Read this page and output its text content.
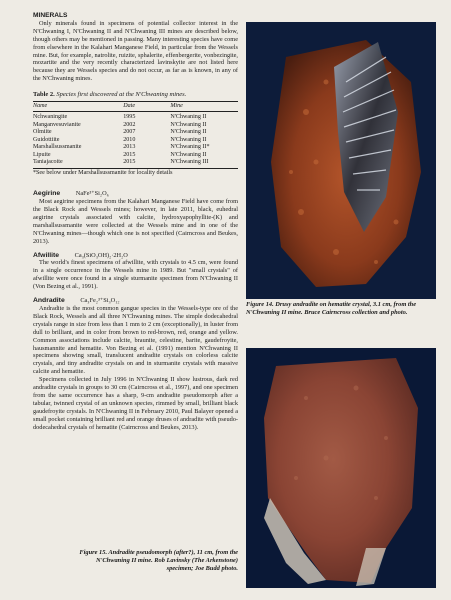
MINERALS

Only minerals found in specimens of potential collector interest in the N'Chwaning I, N'Chwaning II and N'Chwaning III mines are described below, though others may be mentioned in passing. Many interesting species have come from elsewhere in the Kalahari Manganese Field, in particular from the Wessels mine. But, for example, natrolite, ruizite, sphalerite, effenbergerite, vonbezingite, mozartite and the very recently characterized lavinskyite are not listed here because they are Wessels species and do not occur, as far as is known, in any of the N'Chwaning mines.

Table 2. Species first discovered at the N'Chwaning mines.
Name	Date	Mine
Nchwaningite	1995	N'Chwaning II
Manganvesuvianite	2002	N'Chwaning II
Olmiite	2007	N'Chwaning II
Guidottiite	2010	N'Chwaning II
Marshallsussmanite	2013	N'Chwaning II*
Lipuite	2015	N'Chwaning II
Taniajacoite	2015	N'Chwaning III
*See below under Marshallsussmanite for locality details
Aegirine NaFe³⁺Si₂O₆

Most aegirine specimens from the Kalahari Manganese Field have come from the Black Rock and Wessels mines; however, in late 2011, black, euhedral aegirine crystals associated with calcite, hydroxyapophyllite-(K) and marshallsussmanite were collected at the Wessels mine and in one of the N'Chwaning mines—though which one is not specified (Cairncross and Beukes, 2013).

Afwillite Ca₃(SiO₃OH)₂·2H₂O

The world's finest specimens of afwillite, with crystals to 4.5 cm, were found in a single occurrence in the Wessels mine in 1989. But "small crystals" of afwillite were once found in a single sturmanite specimen from N'Chwaning II (Von Bezing et al., 1991).

Andradite Ca₃Fe₂³⁺Si₃O₁₂

Andradite is the most common gangue species in the Wessels-type ore of the Black Rock, Wessels and all three N'Chwaning mines. The simple dodecahedral crystals range in size from less than 1 mm to 2 cm (exceptionally), in luster from dull to brilliant, and in color from brown to red-brown, red, orange and yellow. Common associations include calcite, braunite, celestine, barite, gaudefroyite, hausmannite and hematite. Von Bezing et al. (1991) mention N'Chwaning II specimens showing small, translucent andradite crystals on colorless calcite crystals, and tiny andradite crystals on and in sturmanite crystals with massive calcite and hematite.

Specimens collected in July 1996 in N'Chwaning II show lustrous, dark red andradite crystals in groups to 30 cm (Cairncross et al., 1997), and one specimen from the same occurrence has a sharp, 9-cm andradite pseudomorph after a tabular, twinned crystal of an unknown species, rimmed by small, brilliant black gaudefroyite crystals. In N'Chwaning II in February 2010, Paul Balayer opened a small pocket containing brilliant red and orange druses of andradite with pseudo-dodecahedral crystals of hematite (Cairncross and Beukes, 2013).

Figure 14. Drusy andradite on hematite crystal, 3.1 cm, from the N'Chwaning II mine. Bruce Cairncross collection and photo.
Figure 15. Andradite pseudomorph (after?), 11 cm, from the N'Chwaning II mine. Rob Lavinsky (The Arkenstone) specimen; Joe Budd photo.
